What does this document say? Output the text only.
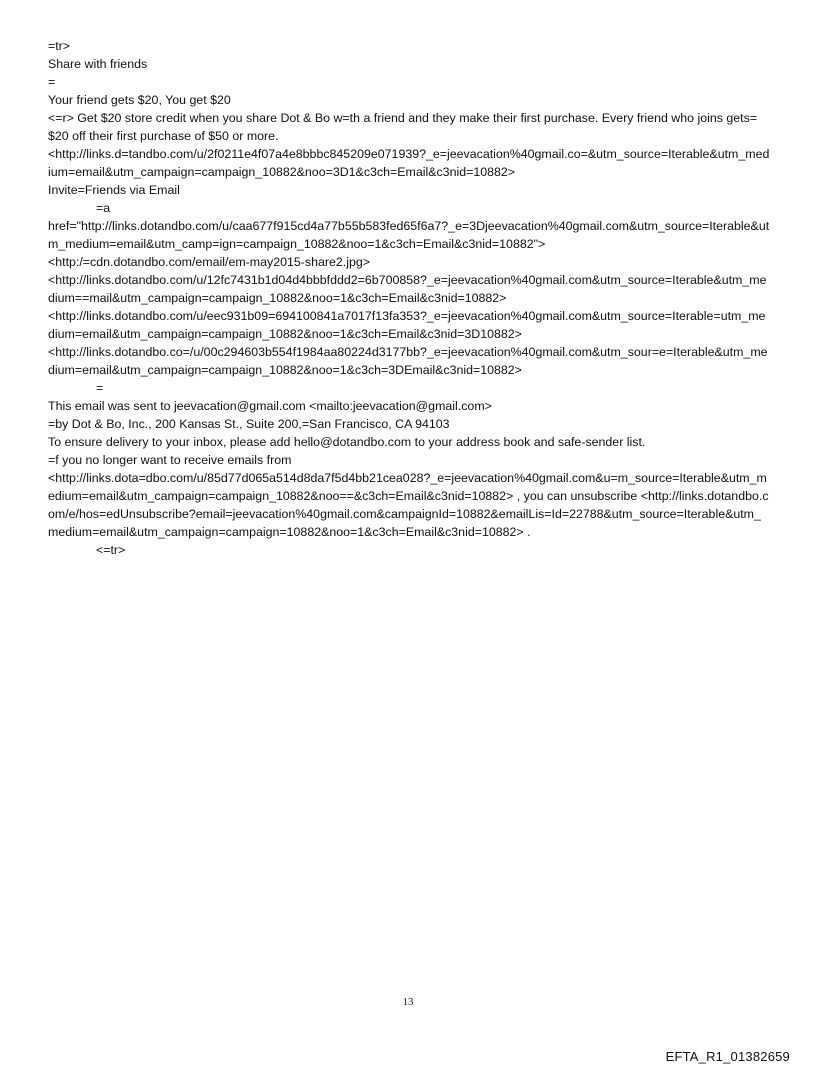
=tr>

Share with friends

=

Your friend gets $20, You get $20

<=r> Get $20 store credit when you share Dot & Bo w=th a friend and they make their first purchase. Every friend who joins gets=$20 off their first purchase of $50 or more.

<http://links.d=tandbo.com/u/2f0211e4f07a4e8bbbc845209e071939?_e=jeevacation%40gmail.co=&utm_source=Iterable&utm_medium=email&utm_campaign=campaign_10882&noo=3D1&c3ch=Email&c3nid=10882>

Invite=Friends via Email

=a

href="http://links.dotandbo.com/u/caa677f915cd4a77b55b583fed65f6a7?_e=3Djeevacation%40gmail.com&utm_source=Iterable&utm_medium=email&utm_camp=ign=campaign_10882&noo=1&c3ch=Email&c3nid=10882">

<http:/=cdn.dotandbo.com/email/em-may2015-share2.jpg>

<http://links.dotandbo.com/u/12fc7431b1d04d4bbbfddd2=6b700858?_e=jeevacation%40gmail.com&utm_source=Iterable&utm_medium==mail&utm_campaign=campaign_10882&noo=1&c3ch=Email&c3nid=10882>

<http://links.dotandbo.com/u/eec931b09=694100841a7017f13fa353?_e=jeevacation%40gmail.com&utm_source=Iterable=utm_medium=email&utm_campaign=campaign_10882&noo=1&c3ch=Email&c3nid=3D10882>

<http://links.dotandbo.co=/u/00c294603b554f1984aa80224d3177bb?_e=jeevacation%40gmail.com&utm_sour=e=Iterable&utm_medium=email&utm_campaign=campaign_10882&noo=1&c3ch=3DEmail&c3nid=10882>

=

This email was sent to jeevacation@gmail.com <mailto:jeevacation@gmail.com>

=by Dot & Bo, Inc., 200 Kansas St., Suite 200,=San Francisco, CA 94103

To ensure delivery to your inbox, please add hello@dotandbo.com to your address book and safe-sender list.

=f you no longer want to receive emails from

<http://links.dota=dbo.com/u/85d77d065a514d8da7f5d4bb21cea028?_e=jeevacation%40gmail.com&u=m_source=Iterable&utm_medium=email&utm_campaign=campaign_10882&noo==&c3ch=Email&c3nid=10882> , you can unsubscribe <http://links.dotandbo.com/e/hos=edUnsubscribe?email=jeevacation%40gmail.com&campaignId=10882&emailLis=Id=22788&utm_source=Iterable&utm_medium=email&utm_campaign=campaign=10882&noo=1&c3ch=Email&c3nid=10882> .

<=tr>

13
EFTA_R1_01382659
